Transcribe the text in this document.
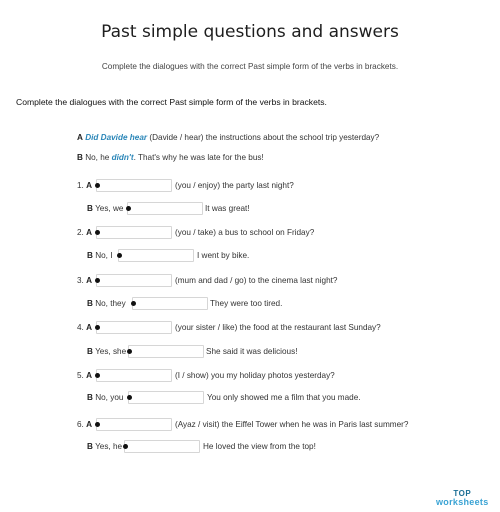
Past simple questions and answers
Complete the dialogues with the correct Past simple form of the verbs in brackets.
Complete the dialogues with the correct Past simple form of the verbs in brackets.
A Did Davide hear (Davide / hear) the instructions about the school trip yesterday?
B No, he didn't. That's why he was late for the bus!
1. A	(you / enjoy) the party last night?
B Yes, we	It was great!
2. A	(you / take) a bus to school on Friday?
B No, I	I went by bike.
3. A	(mum and dad / go) to the cinema last night?
B No, they	They were too tired.
4. A	(your sister / like) the food at the restaurant last Sunday?
B Yes, she	She said it was delicious!
5. A	(I / show) you my holiday photos yesterday?
B No, you	You only showed me a film that you made.
6. A	(Ayaz / visit) the Eiffel Tower when he was in Paris last summer?
B Yes, he	He loved the view from the top!
TOP
worksheets
